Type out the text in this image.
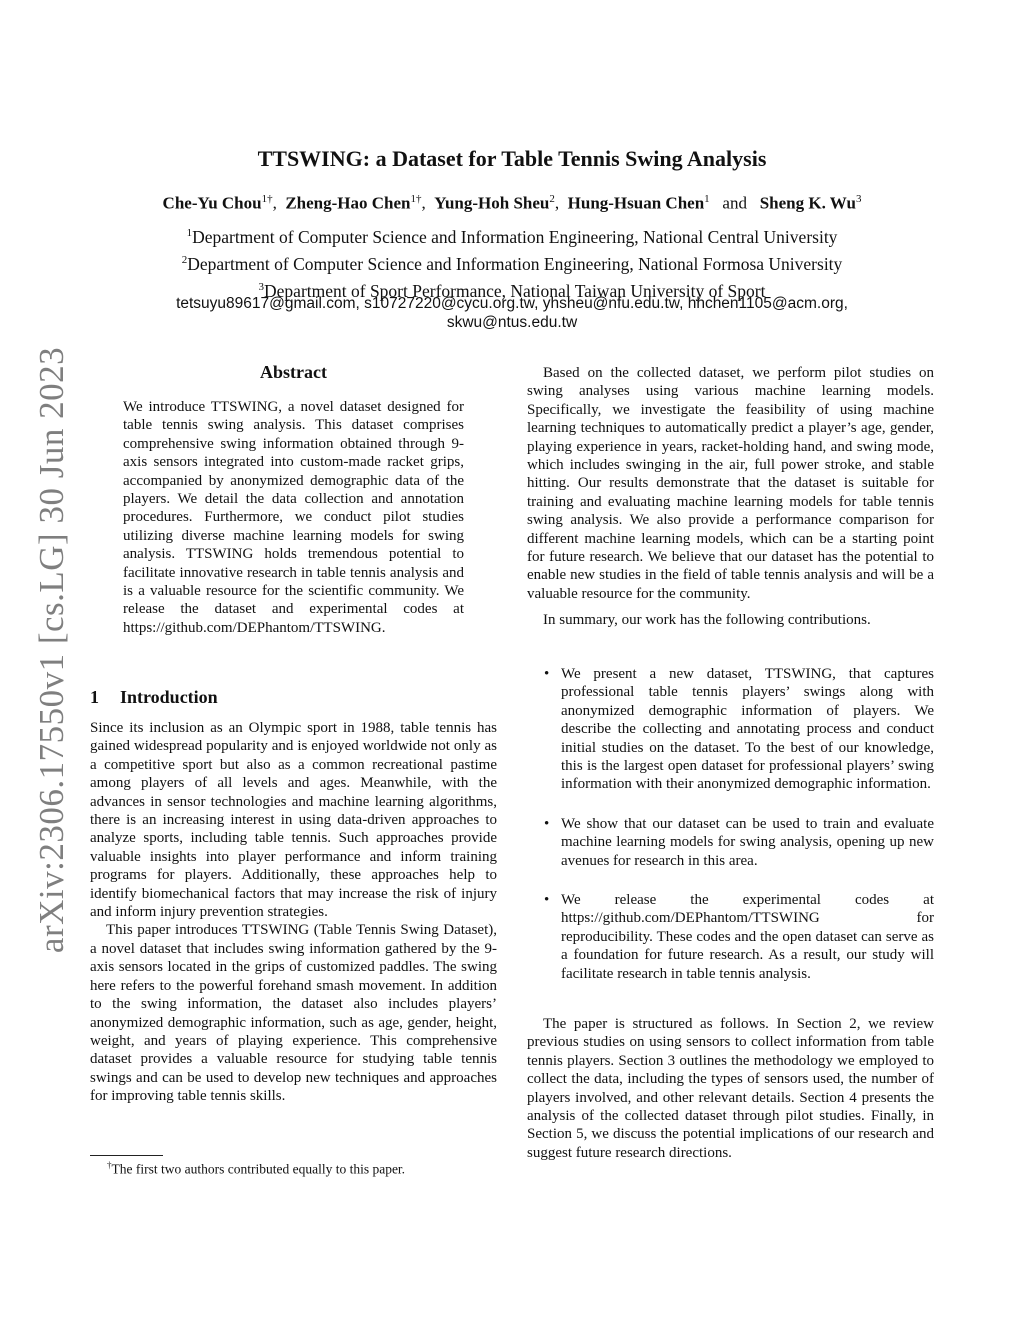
arXiv:2306.17550v1 [cs.LG] 30 Jun 2023
TTSWING: a Dataset for Table Tennis Swing Analysis
Che-Yu Chou$^{1\dagger}$, Zheng-Hao Chen$^{1\dagger}$, Yung-Hoh Sheu$^2$, Hung-Hsuan Chen$^1$ and Sheng K. Wu$^3$
$^1$Department of Computer Science and Information Engineering, National Central University
$^2$Department of Computer Science and Information Engineering, National Formosa University
$^3$Department of Sport Performance, National Taiwan University of Sport
tetsuyu89617@gmail.com, s10727220@cycu.org.tw, yhsheu@nfu.edu.tw, hhchen1105@acm.org,
skwu@ntus.edu.tw
Abstract
We introduce TTSWING, a novel dataset designed for table tennis swing analysis. This dataset comprises comprehensive swing information obtained through 9-axis sensors integrated into custom-made racket grips, accompanied by anonymized demographic data of the players. We detail the data collection and annotation procedures. Furthermore, we conduct pilot studies utilizing diverse machine learning models for swing analysis. TTSWING holds tremendous potential to facilitate innovative research in table tennis analysis and is a valuable resource for the scientific community. We release the dataset and experimental codes at https://github.com/DEPhantom/TTSWING.
1 Introduction

Since its inclusion as an Olympic sport in 1988, table tennis has gained widespread popularity and is enjoyed worldwide not only as a competitive sport but also as a common recreational pastime among players of all levels and ages. Meanwhile, with the advances in sensor technologies and machine learning algorithms, there is an increasing interest in using data-driven approaches to analyze sports, including table tennis. Such approaches provide valuable insights into player performance and inform training programs for players. Additionally, these approaches help to identify biomechanical factors that may increase the risk of injury and inform injury prevention strategies.

This paper introduces TTSWING (Table Tennis Swing Dataset), a novel dataset that includes swing information gathered by the 9-axis sensors located in the grips of customized paddles. The swing here refers to the powerful forehand smash movement. In addition to the swing information, the dataset also includes players’ anonymized demographic information, such as age, gender, height, weight, and years of playing experience. This comprehensive dataset provides a valuable resource for studying table tennis swings and can be used to develop new techniques and approaches for improving table tennis skills.

†The first two authors contributed equally to this paper.

Based on the collected dataset, we perform pilot studies on swing analyses using various machine learning models. Specifically, we investigate the feasibility of using machine learning techniques to automatically predict a player’s age, gender, playing experience in years, racket-holding hand, and swing mode, which includes swinging in the air, full power stroke, and stable hitting. Our results demonstrate that the dataset is suitable for training and evaluating machine learning models for table tennis swing analysis. We also provide a performance comparison for different machine learning models, which can be a starting point for future research. We believe that our dataset has the potential to enable new studies in the field of table tennis analysis and will be a valuable resource for the community.

In summary, our work has the following contributions.

• We present a new dataset, TTSWING, that captures professional table tennis players’ swings along with anonymized demographic information of players. We describe the collecting and annotating process and conduct initial studies on the dataset. To the best of our knowledge, this is the largest open dataset for professional players’ swing information with their anonymized demographic information.
• We show that our dataset can be used to train and evaluate machine learning models for swing analysis, opening up new avenues for research in this area.
• We release the experimental codes at https://github.com/DEPhantom/TTSWING for reproducibility. These codes and the open dataset can serve as a foundation for future research. As a result, our study will facilitate research in table tennis analysis.

The paper is structured as follows. In Section 2, we review previous studies on using sensors to collect information from table tennis players. Section 3 outlines the methodology we employed to collect the data, including the types of sensors used, the number of players involved, and other relevant details. Section 4 presents the analysis of the collected dataset through pilot studies. Finally, in Section 5, we discuss the potential implications of our research and suggest future research directions.
